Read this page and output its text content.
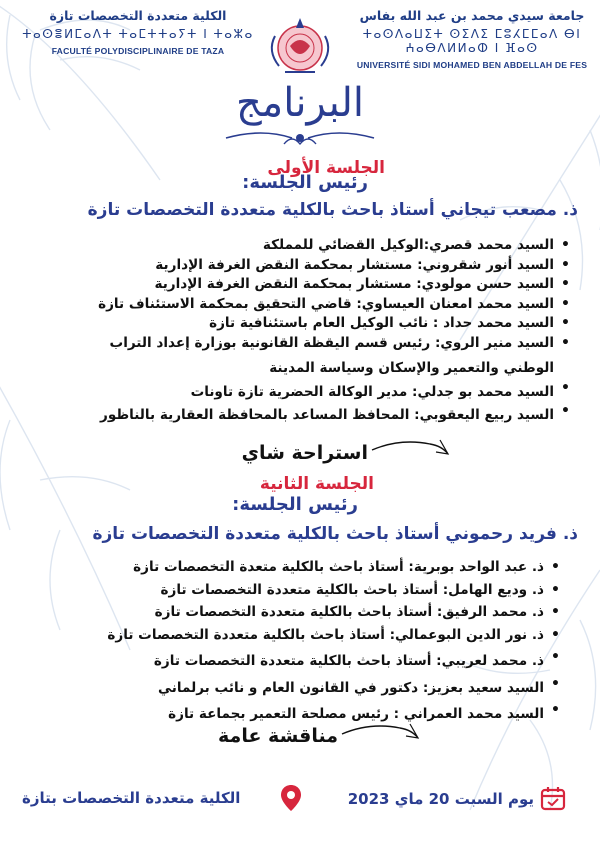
الكلية متعددة التخصصات تازة
ⵜⴰⵙⴻⵍⵎⴰⴷⵜ ⵜⴰⵎⵜⵜⴰⵢⵜ ⵏ ⵜⴰⵣⴰ
FACULTÉ POLYDISCIPLINAIRE DE TAZA
جامعة سيدي محمد بن عبد الله بفاس
ⵜⴰⵙⴷⴰⵡⵉⵜ ⵙⵉⴷⵉ ⵎⵓⵃⵎⵎⴰⴷ ⴱⵏ ⵄⴰⴱⴷⵍⵍⴰⵀ ⵏ ⴼⴰⵙ
UNIVERSITÉ SIDI MOHAMED BEN ABDELLAH DE FES
البرنامج
الجلسة الأولى
رئيس الجلسة:
ذ. مصعب تيجاني أستاذ باحث بالكلية متعددة التخصصات تازة
• السيد محمد قصري:الوكيل القضائي للمملكة
• السيد أنور شقروني: مستشار بمحكمة النقض الغرفة الإدارية
• السيد حسن مولودي: مستشار بمحكمة النقض الغرفة الإدارية
• السيد محمد امعنان العيساوي: قاضي التحقيق بمحكمة الاستئناف تازة
• السيد محمد حداد : نائب الوكيل العام باستئنافية تازة
• السيد منير الروي: رئيس قسم اليقظة القانونية بوزارة إعداد التراب
الوطني والتعمير والإسكان وسياسة المدينة
• السيد محمد بو جدلي: مدير الوكالة الحضرية تازة تاونات
• السيد ربيع اليعقوبي: المحافظ المساعد بالمحافظة العقارية بالناظور
استراحة شاي
الجلسة الثانية
رئيس الجلسة:
ذ. فريد رحموني أستاذ باحث بالكلية متعددة التخصصات تازة
• ذ. عبد الواحد بوبرية: أستاذ باحث بالكلية متعدة التخصصات تازة
• ذ. وديع الهامل: أستاذ باحث بالكلية متعددة التخصصات تازة
• ذ. محمد الرفيق: أستاذ باحث بالكلية متعددة التخصصات تازة
• ذ. نور الدين البوعمالي: أستاذ باحث بالكلية متعددة التخصصات تازة
• ذ. محمد لعريبي: أستاذ باحث بالكلية متعددة التخصصات تازة
• السيد سعيد بعزيز: دكتور في القانون العام و نائب برلماني
• السيد محمد العمراني : رئيس مصلحة التعمير بجماعة تازة
مناقشة عامة
يوم السبت 20 ماي 2023
الكلية متعددة التخصصات بتازة
